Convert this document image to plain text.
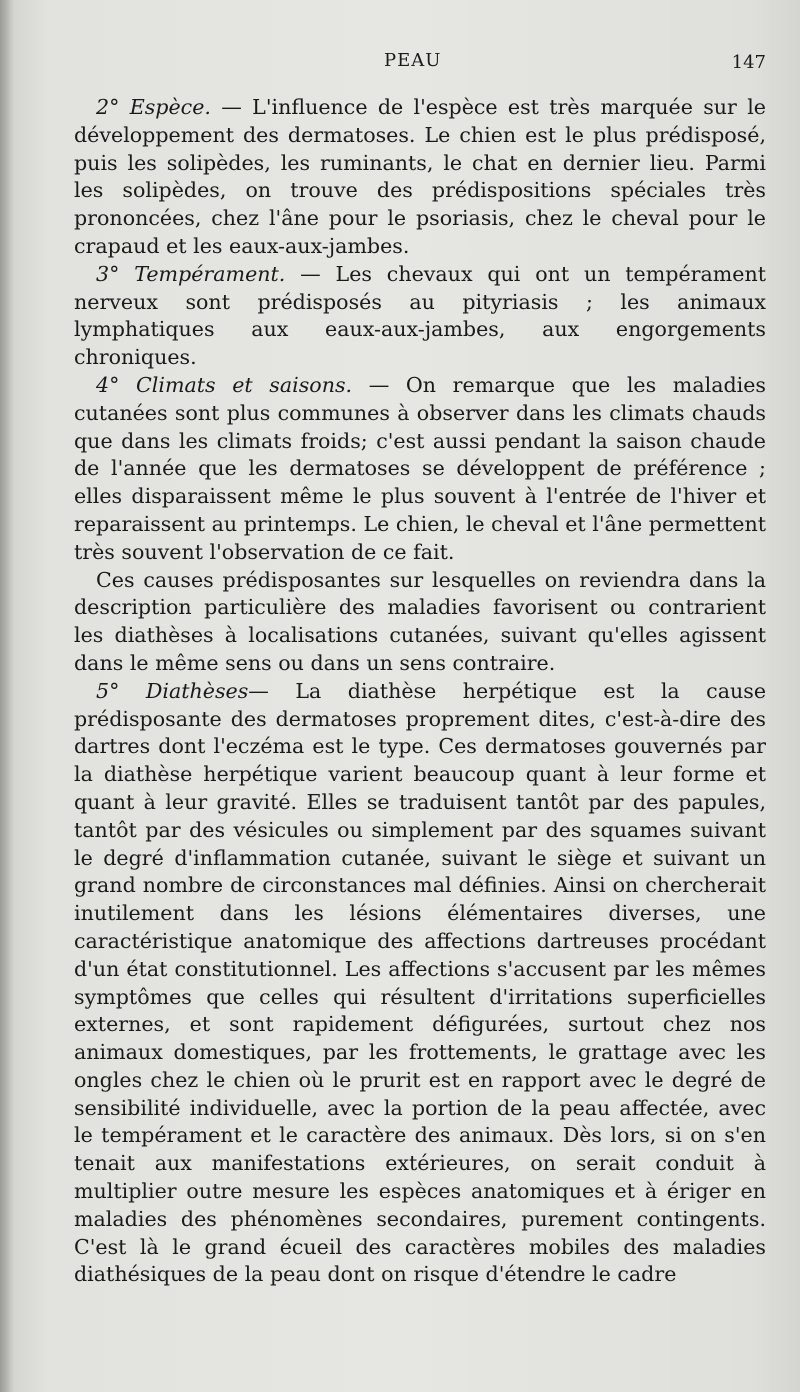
PEAU	147

2° Espèce. — L'influence de l'espèce est très marquée sur le développement des dermatoses. Le chien est le plus prédisposé, puis les solipèdes, les ruminants, le chat en dernier lieu. Parmi les solipèdes, on trouve des prédispositions spéciales très prononcées, chez l'âne pour le psoriasis, chez le cheval pour le crapaud et les eaux-aux-jambes.

3° Tempérament. — Les chevaux qui ont un tempérament nerveux sont prédisposés au pityriasis ; les animaux lymphatiques aux eaux-aux-jambes, aux engorgements chroniques.

4° Climats et saisons. — On remarque que les maladies cutanées sont plus communes à observer dans les climats chauds que dans les climats froids; c'est aussi pendant la saison chaude de l'année que les dermatoses se développent de préférence ; elles disparaissent même le plus souvent à l'entrée de l'hiver et reparaissent au printemps. Le chien, le cheval et l'âne permettent très souvent l'observation de ce fait.

Ces causes prédisposantes sur lesquelles on reviendra dans la description particulière des maladies favorisent ou contrarient les diathèses à localisations cutanées, suivant qu'elles agissent dans le même sens ou dans un sens contraire.

5° Diathèses— La diathèse herpétique est la cause prédisposante des dermatoses proprement dites, c'est-à-dire des dartres dont l'eczéma est le type. Ces dermatoses gouvernés par la diathèse herpétique varient beaucoup quant à leur forme et quant à leur gravité. Elles se traduisent tantôt par des papules, tantôt par des vésicules ou simplement par des squames suivant le degré d'inflammation cutanée, suivant le siège et suivant un grand nombre de circonstances mal définies. Ainsi on chercherait inutilement dans les lésions élémentaires diverses, une caractéristique anatomique des affections dartreuses procédant d'un état constitutionnel. Les affections s'accusent par les mêmes symptômes que celles qui résultent d'irritations superficielles externes, et sont rapidement défigurées, surtout chez nos animaux domestiques, par les frottements, le grattage avec les ongles chez le chien où le prurit est en rapport avec le degré de sensibilité individuelle, avec la portion de la peau affectée, avec le tempérament et le caractère des animaux. Dès lors, si on s'en tenait aux manifestations extérieures, on serait conduit à multiplier outre mesure les espèces anatomiques et à ériger en maladies des phénomènes secondaires, purement contingents. C'est là le grand écueil des caractères mobiles des maladies diathésiques de la peau dont on risque d'étendre le cadre
